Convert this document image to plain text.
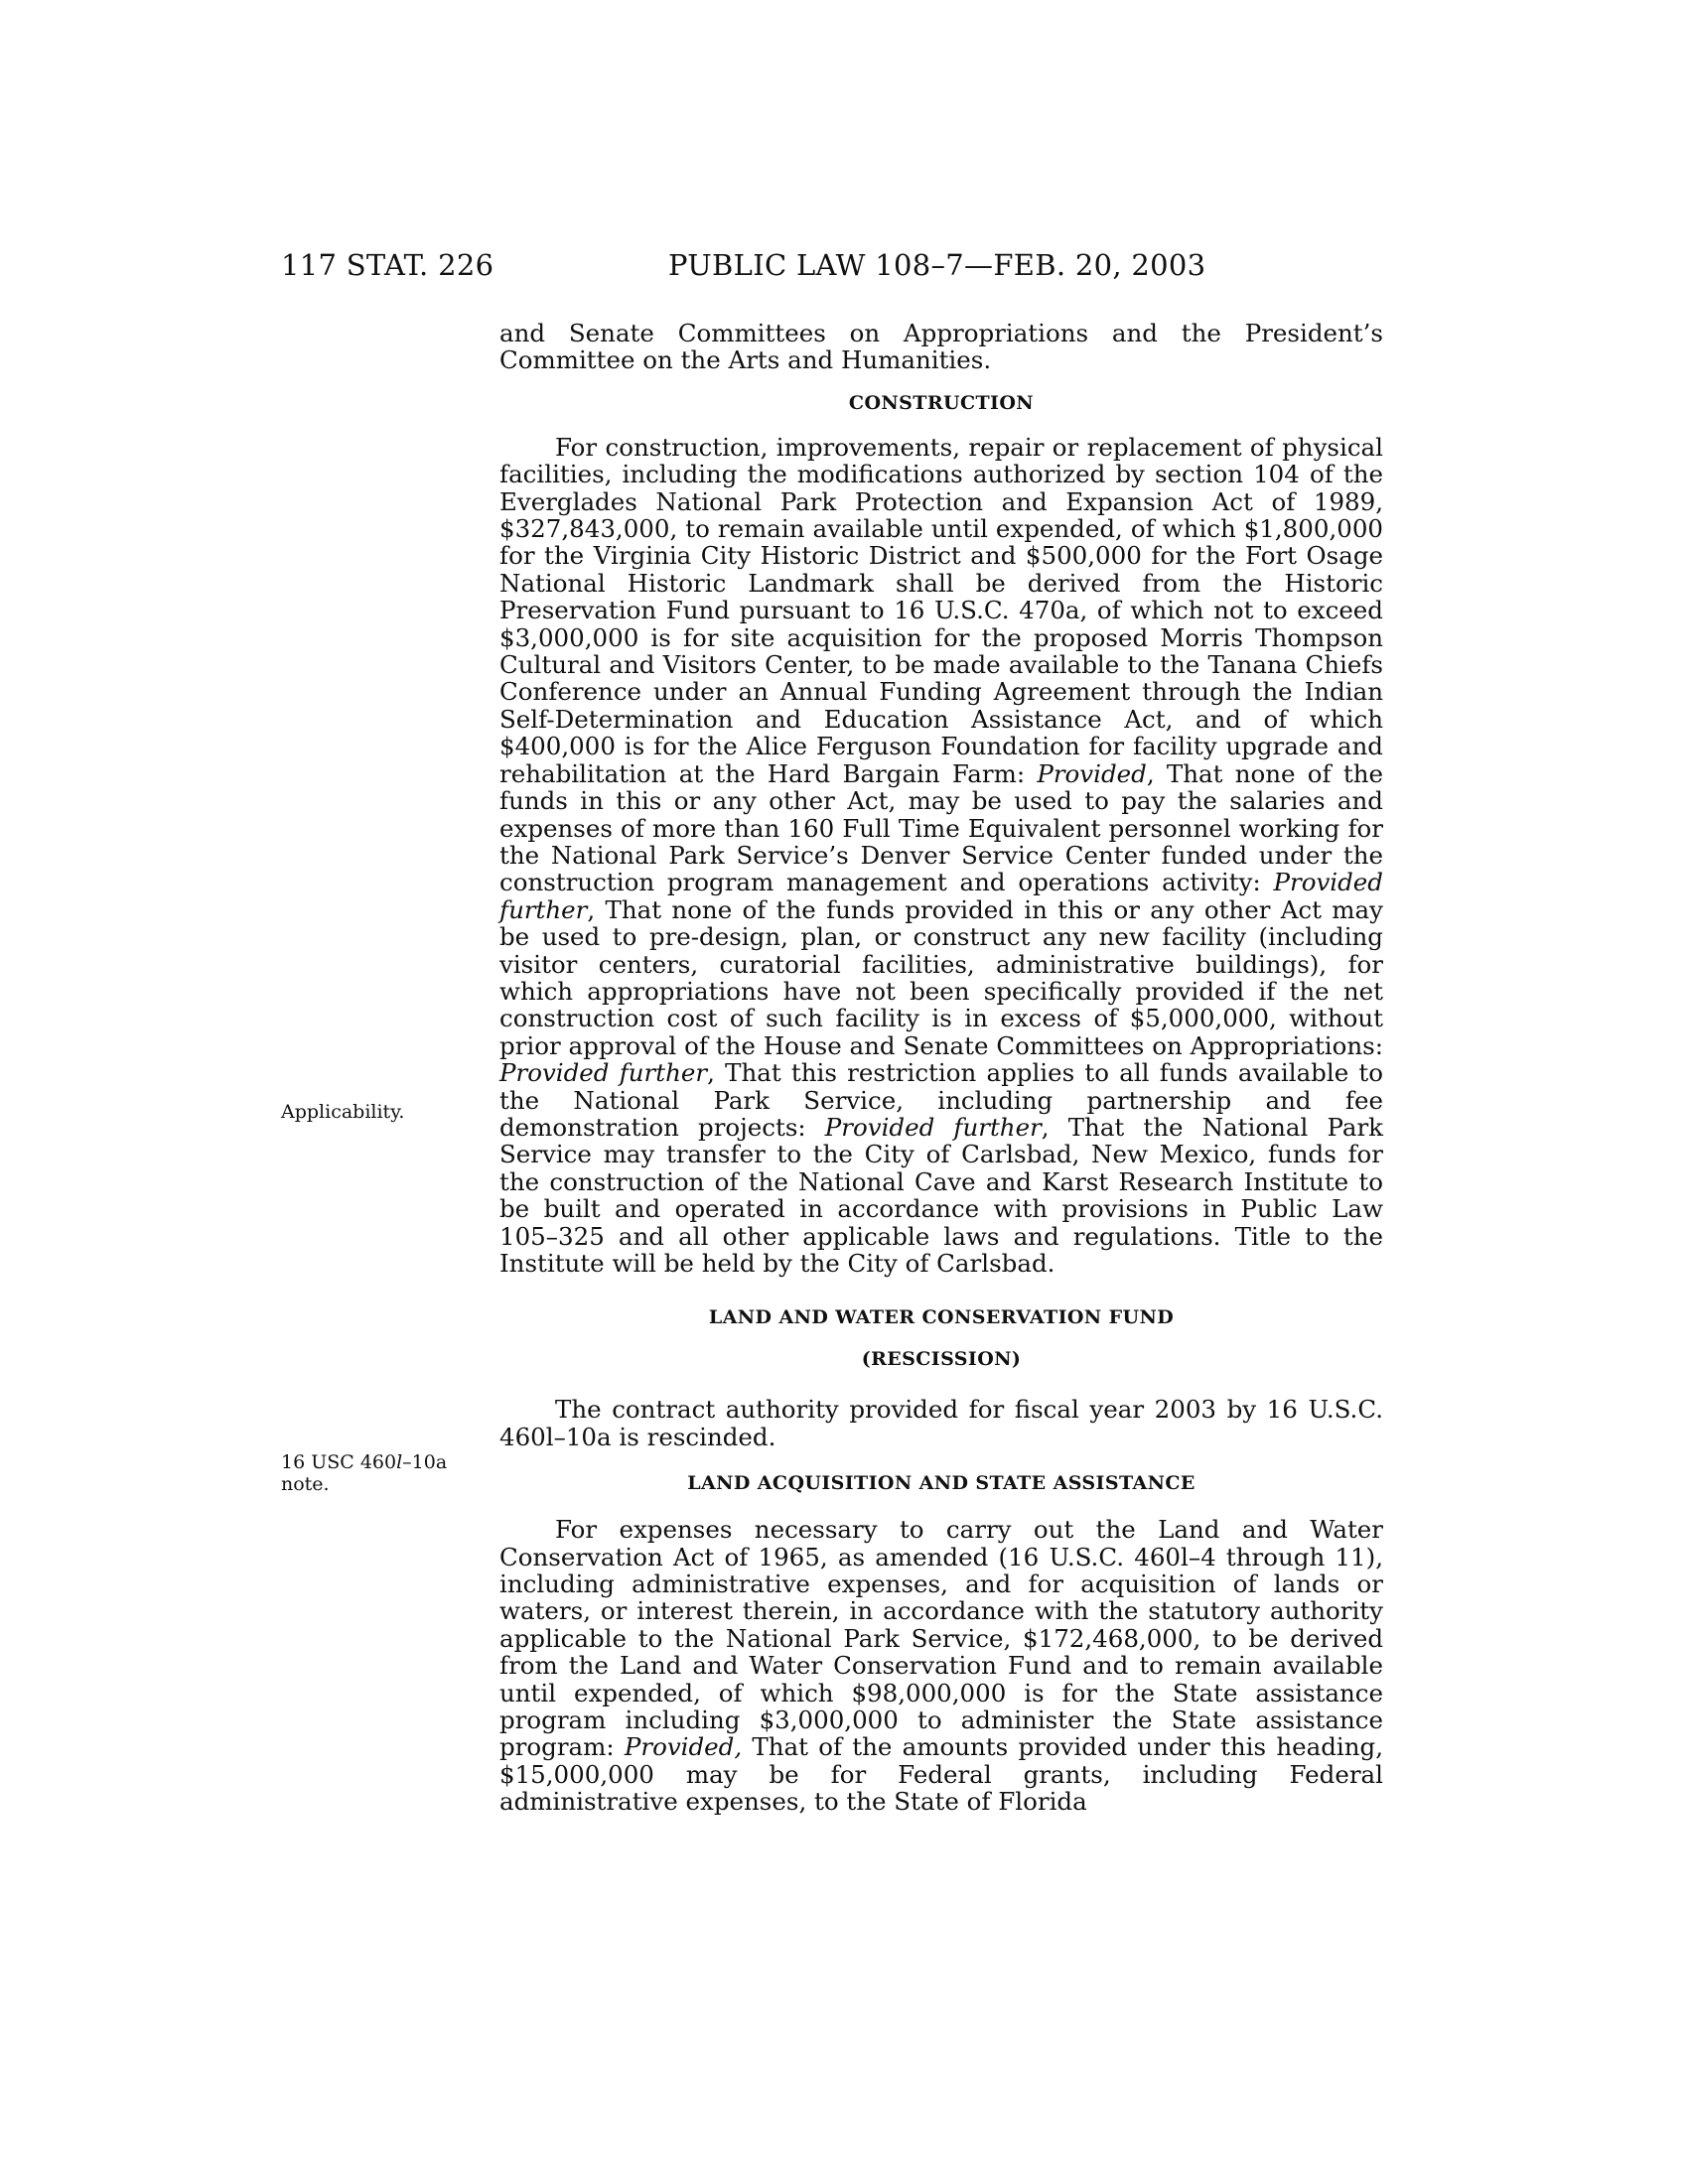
117 STAT. 226	PUBLIC LAW 108–7—FEB. 20, 2003
Applicability.
16 USC 460l–10a
note.

and Senate Committees on Appropriations and the President’s Committee on the Arts and Humanities.

CONSTRUCTION

For construction, improvements, repair or replacement of physical facilities, including the modifications authorized by section 104 of the Everglades National Park Protection and Expansion Act of 1989, $327,843,000, to remain available until expended, of which $1,800,000 for the Virginia City Historic District and $500,000 for the Fort Osage National Historic Landmark shall be derived from the Historic Preservation Fund pursuant to 16 U.S.C. 470a, of which not to exceed $3,000,000 is for site acquisition for the proposed Morris Thompson Cultural and Visitors Center, to be made available to the Tanana Chiefs Conference under an Annual Funding Agreement through the Indian Self-Determination and Education Assistance Act, and of which $400,000 is for the Alice Ferguson Foundation for facility upgrade and rehabilitation at the Hard Bargain Farm: Provided, That none of the funds in this or any other Act, may be used to pay the salaries and expenses of more than 160 Full Time Equivalent personnel working for the National Park Service’s Denver Service Center funded under the construction program management and operations activity: Provided further, That none of the funds provided in this or any other Act may be used to pre-design, plan, or construct any new facility (including visitor centers, curatorial facilities, administrative buildings), for which appropriations have not been specifically provided if the net construction cost of such facility is in excess of $5,000,000, without prior approval of the House and Senate Committees on Appropriations: Provided further, That this restriction applies to all funds available to the National Park Service, including partnership and fee demonstration projects: Provided further, That the National Park Service may transfer to the City of Carlsbad, New Mexico, funds for the construction of the National Cave and Karst Research Institute to be built and operated in accordance with provisions in Public Law 105–325 and all other applicable laws and regulations. Title to the Institute will be held by the City of Carlsbad.

LAND AND WATER CONSERVATION FUND
(RESCISSION)

The contract authority provided for fiscal year 2003 by 16 U.S.C. 460l–10a is rescinded.

LAND ACQUISITION AND STATE ASSISTANCE

For expenses necessary to carry out the Land and Water Conservation Act of 1965, as amended (16 U.S.C. 460l–4 through 11), including administrative expenses, and for acquisition of lands or waters, or interest therein, in accordance with the statutory authority applicable to the National Park Service, $172,468,000, to be derived from the Land and Water Conservation Fund and to remain available until expended, of which $98,000,000 is for the State assistance program including $3,000,000 to administer the State assistance program: Provided, That of the amounts provided under this heading, $15,000,000 may be for Federal grants, including Federal administrative expenses, to the State of Florida
